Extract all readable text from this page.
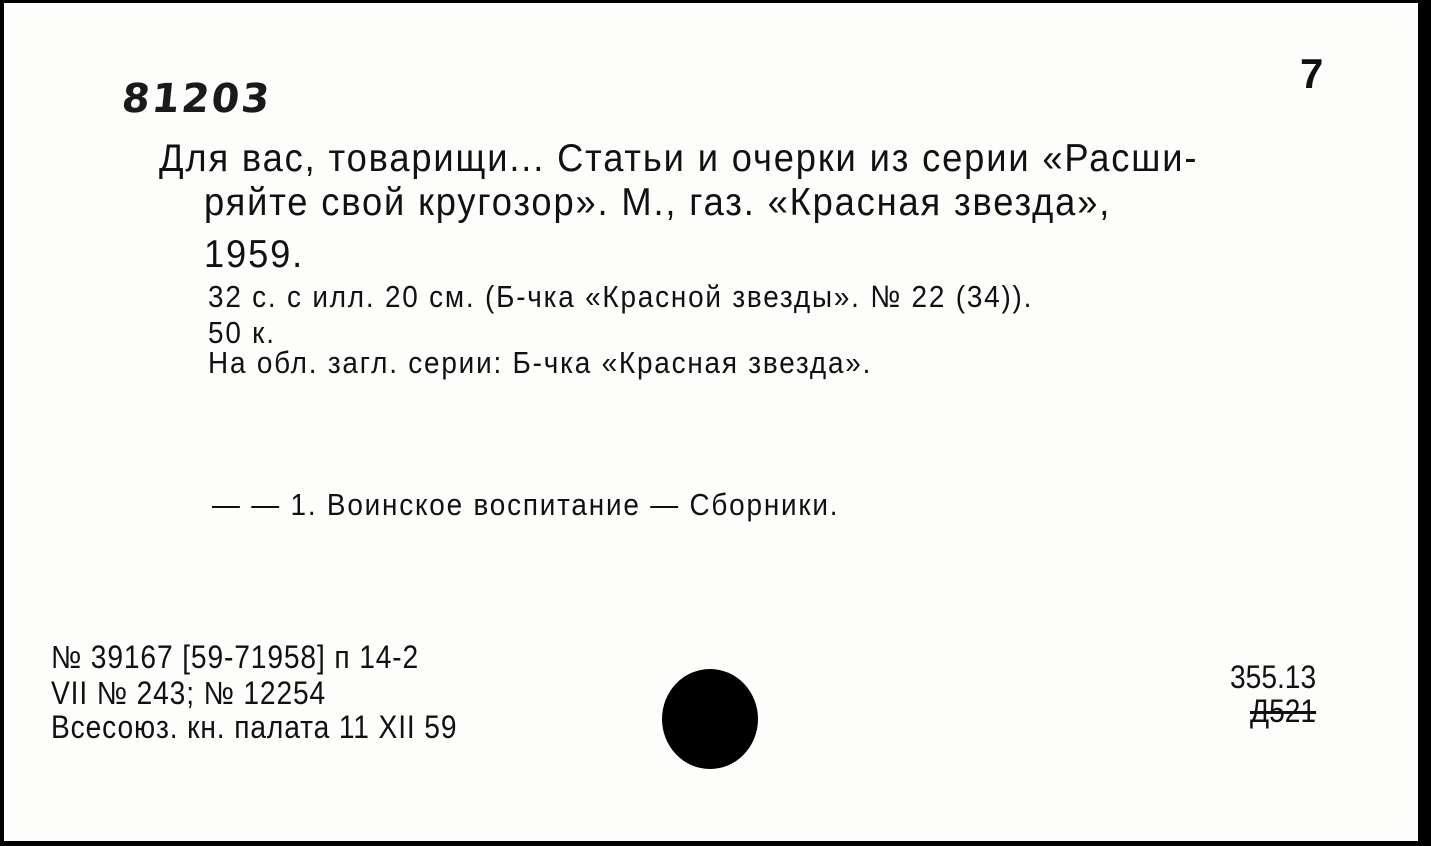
81203
7
Для вас, товарищи... Статьи и очерки из серии «Расши-
ряйте свой кругозор». М., газ. «Красная звезда»,
1959.
32 с. с илл. 20 см. (Б-чка «Красной звезды». № 22 (34)).
50 к.
На обл. загл. серии: Б-чка «Красная звезда».
— — 1. Воинское воспитание — Сборники.
№ 39167 [59-71958] п 14-2
VII № 243; № 12254
Всесоюз. кн. палата 11 XII 59
355.13
Д521
